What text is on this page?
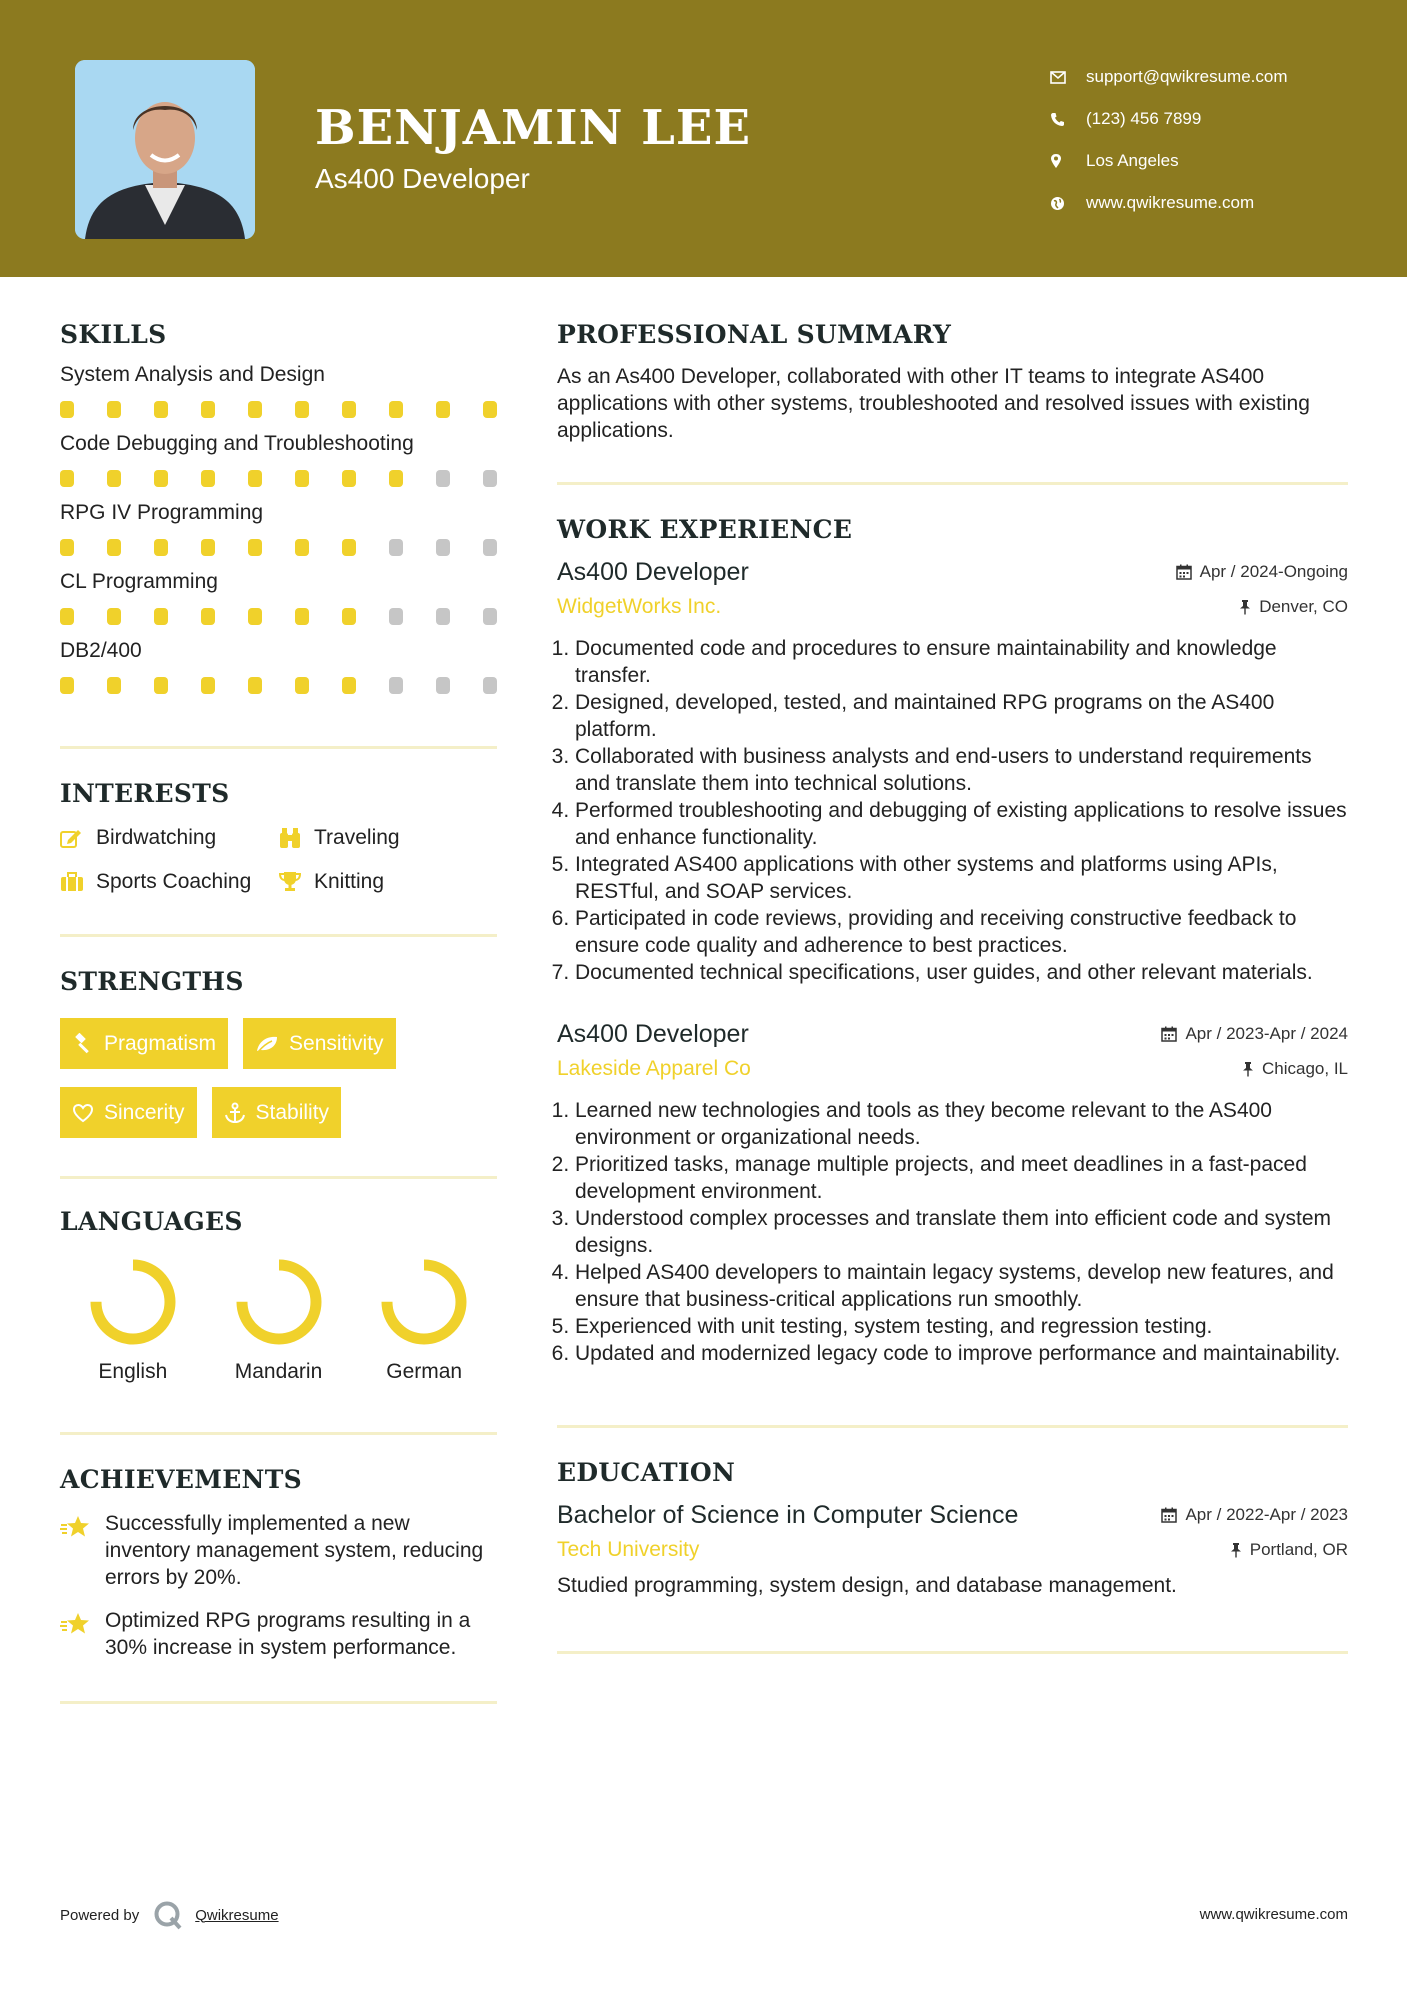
BENJAMIN LEE
As400 Developer
support@qwikresume.com
(123) 456 7899
Los Angeles
www.qwikresume.com
SKILLS
System Analysis and Design
Code Debugging and Troubleshooting
RPG IV Programming
CL Programming
DB2/400
INTERESTS
Birdwatching	Traveling
Sports Coaching	Knitting
STRENGTHS
Pragmatism	Sensitivity
Sincerity	Stability
LANGUAGES
English	Mandarin	German
ACHIEVEMENTS
Successfully implemented a new inventory management system, reducing errors by 20%.
Optimized RPG programs resulting in a 30% increase in system performance.
PROFESSIONAL SUMMARY

As an As400 Developer, collaborated with other IT teams to integrate AS400 applications with other systems, troubleshooted and resolved issues with existing applications.

WORK EXPERIENCE
As400 Developer	Apr / 2024-Ongoing
WidgetWorks Inc.	Denver, CO
1. Documented code and procedures to ensure maintainability and knowledge transfer.
2. Designed, developed, tested, and maintained RPG programs on the AS400 platform.
3. Collaborated with business analysts and end-users to understand requirements and translate them into technical solutions.
4. Performed troubleshooting and debugging of existing applications to resolve issues and enhance functionality.
5. Integrated AS400 applications with other systems and platforms using APIs, RESTful, and SOAP services.
6. Participated in code reviews, providing and receiving constructive feedback to ensure code quality and adherence to best practices.
7. Documented technical specifications, user guides, and other relevant materials.
As400 Developer	Apr / 2023-Apr / 2024
Lakeside Apparel Co	Chicago, IL
1. Learned new technologies and tools as they become relevant to the AS400 environment or organizational needs.
2. Prioritized tasks, manage multiple projects, and meet deadlines in a fast-paced development environment.
3. Understood complex processes and translate them into efficient code and system designs.
4. Helped AS400 developers to maintain legacy systems, develop new features, and ensure that business-critical applications run smoothly.
5. Experienced with unit testing, system testing, and regression testing.
6. Updated and modernized legacy code to improve performance and maintainability.
EDUCATION
Bachelor of Science in Computer Science	Apr / 2022-Apr / 2023
Tech University	Portland, OR

Studied programming, system design, and database management.

Powered by	Qwikresume	www.qwikresume.com
